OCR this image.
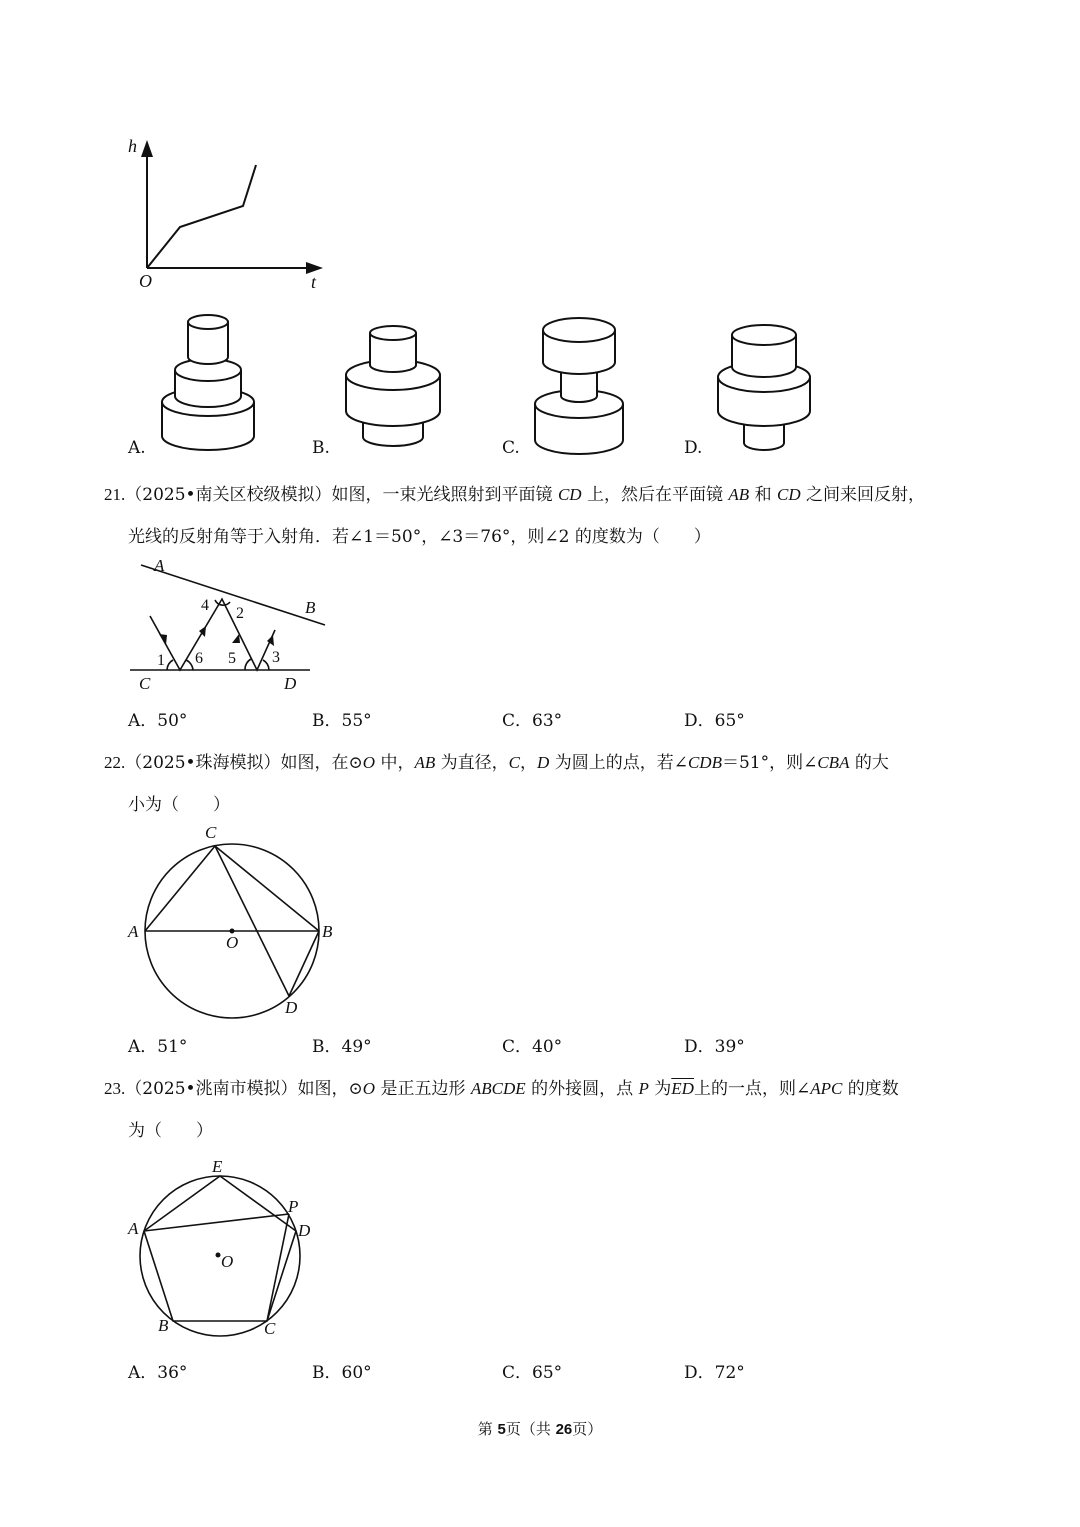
h
t
O
A.	B.	C.	D.
21.（2025•南关区校级模拟）如图，一束光线照射到平面镜 CD 上，然后在平面镜 AB 和 CD 之间来回反射，
光线的反射角等于入射角．若∠1＝50°，∠3＝76°，则∠2 的度数为（　　）
A
B
C	D
1 6
4 2
5 3
A．50°	B．55°	C．63°	D．65°
22.（2025•珠海模拟）如图，在⊙O 中，AB 为直径，C，D 为圆上的点，若∠CDB＝51°，则∠CBA 的大
小为（　　）
C
A	B
O
D
A．51°	B．49°	C．40°	D．39°
23.（2025•洮南市模拟）如图，⊙O 是正五边形 ABCDE 的外接圆，点 P 为$\overline{ED}$上的一点，则∠APC 的度数
为（　　）
E
P
D
A
O
B	C
A．36°	B．60°	C．65°	D．72°
第 5页（共 26页）
